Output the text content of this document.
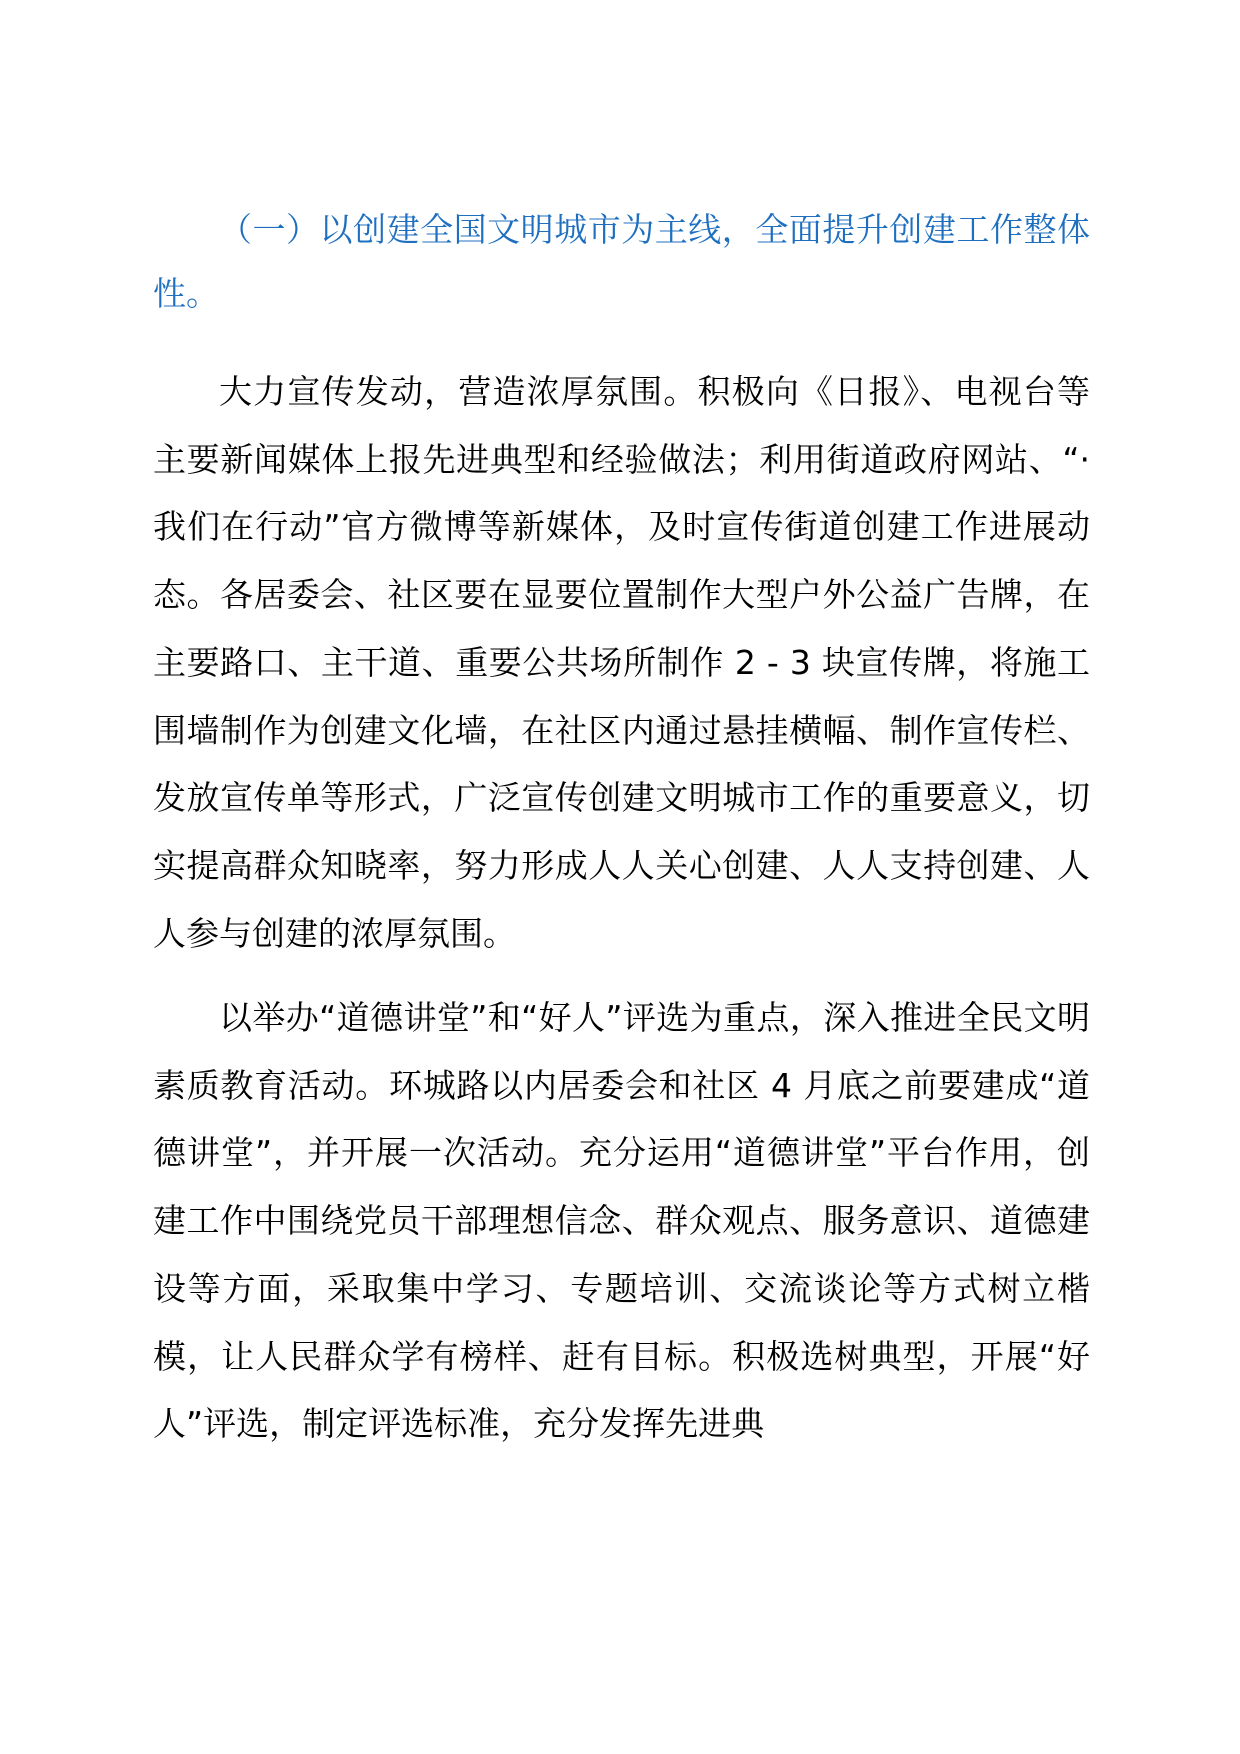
（一）以创建全国文明城市为主线，全面提升创建工作整体性。

大力宣传发动，营造浓厚氛围。积极向《日报》、电视台等主要新闻媒体上报先进典型和经验做法；利用街道政府网站、“·我们在行动”官方微博等新媒体，及时宣传街道创建工作进展动态。各居委会、社区要在显要位置制作大型户外公益广告牌，在主要路口、主干道、重要公共场所制作 2 - 3 块宣传牌，将施工围墙制作为创建文化墙，在社区内通过悬挂横幅、制作宣传栏、发放宣传单等形式，广泛宣传创建文明城市工作的重要意义，切实提高群众知晓率，努力形成人人关心创建、人人支持创建、人人参与创建的浓厚氛围。

以举办“道德讲堂”和“好人”评选为重点，深入推进全民文明素质教育活动。环城路以内居委会和社区 4 月底之前要建成“道德讲堂”，并开展一次活动。充分运用“道德讲堂”平台作用，创建工作中围绕党员干部理想信念、群众观点、服务意识、道德建设等方面，采取集中学习、专题培训、交流谈论等方式树立楷模，让人民群众学有榜样、赶有目标。积极选树典型，开展“好人”评选，制定评选标准，充分发挥先进典
